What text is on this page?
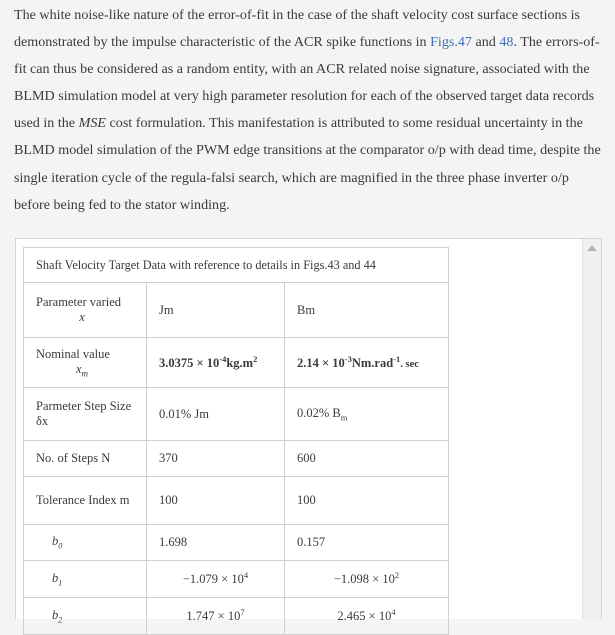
The white noise-like nature of the error-of-fit in the case of the shaft velocity cost surface sections is demonstrated by the impulse characteristic of the ACR spike functions in Figs.47 and 48. The errors-of-fit can thus be considered as a random entity, with an ACR related noise signature, associated with the BLMD simulation model at very high parameter resolution for each of the observed target data records used in the MSE cost formulation. This manifestation is attributed to some residual uncertainty in the BLMD model simulation of the PWM edge transitions at the comparator o/p with dead time, despite the single iteration cycle of the regula-falsi search, which are magnified in the three phase inverter o/p before being fed to the stator winding.
Shaft Velocity Target Data with reference to details in Figs.43 and 44		
Parameter varied

x	Jm	Bm
Nominal value

$x_m$	$3.0375 \times 10^{-4}kg.m^2$	$2.14 \times 10^{-3}Nm.rad^{-1}$. sec
Parmeter Step Size δx	0.01% Jm	0.02% $B_m$
No. of Steps N	370	600
Tolerance Index m	100	100
$b_0$	1.698	0.157
$b_1$	$-1.079 \times 10^4$	$-1.098 \times 10^2$
$b_2$	$1.747 \times 10^7$	$2.465 \times 10^4$
